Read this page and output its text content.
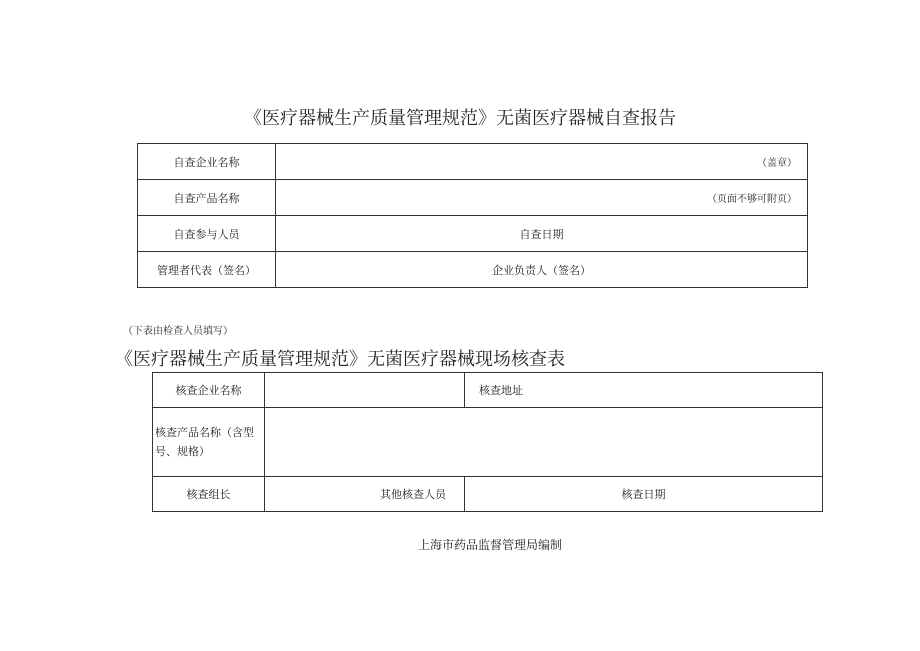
《医疗器械生产质量管理规范》无菌医疗器械自查报告
自查企业名称	（盖章）
自查产品名称	（页面不够可附页）
自查参与人员	自查日期
管理者代表（签名）	企业负责人（签名）
（下表由检查人员填写）
《医疗器械生产质量管理规范》无菌医疗器械现场核查表
核查企业名称		核查地址
核查产品名称（含型
号、规格）		
核查组长	其他核查人员	核查日期
上海市药品监督管理局编制
